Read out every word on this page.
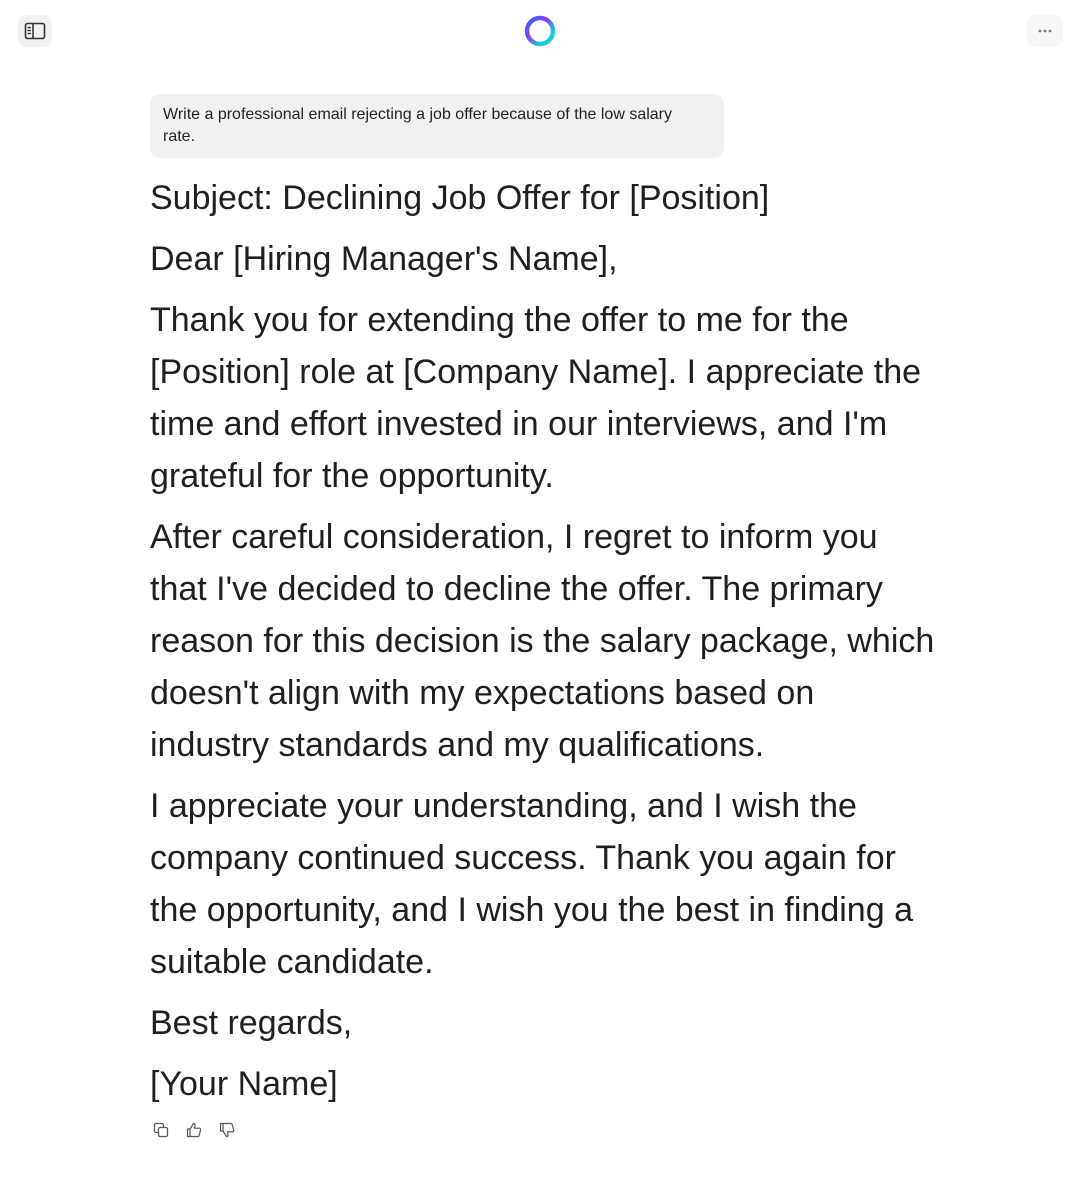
Write a professional email rejecting a job offer because of the low salary rate.

Subject: Declining Job Offer for [Position]

Dear [Hiring Manager's Name],

Thank you for extending the offer to me for the [Position] role at [Company Name]. I appreciate the time and effort invested in our interviews, and I'm grateful for the opportunity.

After careful consideration, I regret to inform you that I've decided to decline the offer. The primary reason for this decision is the salary package, which doesn't align with my expectations based on industry standards and my qualifications.

I appreciate your understanding, and I wish the company continued success. Thank you again for the opportunity, and I wish you the best in finding a suitable candidate.

Best regards,

[Your Name]
